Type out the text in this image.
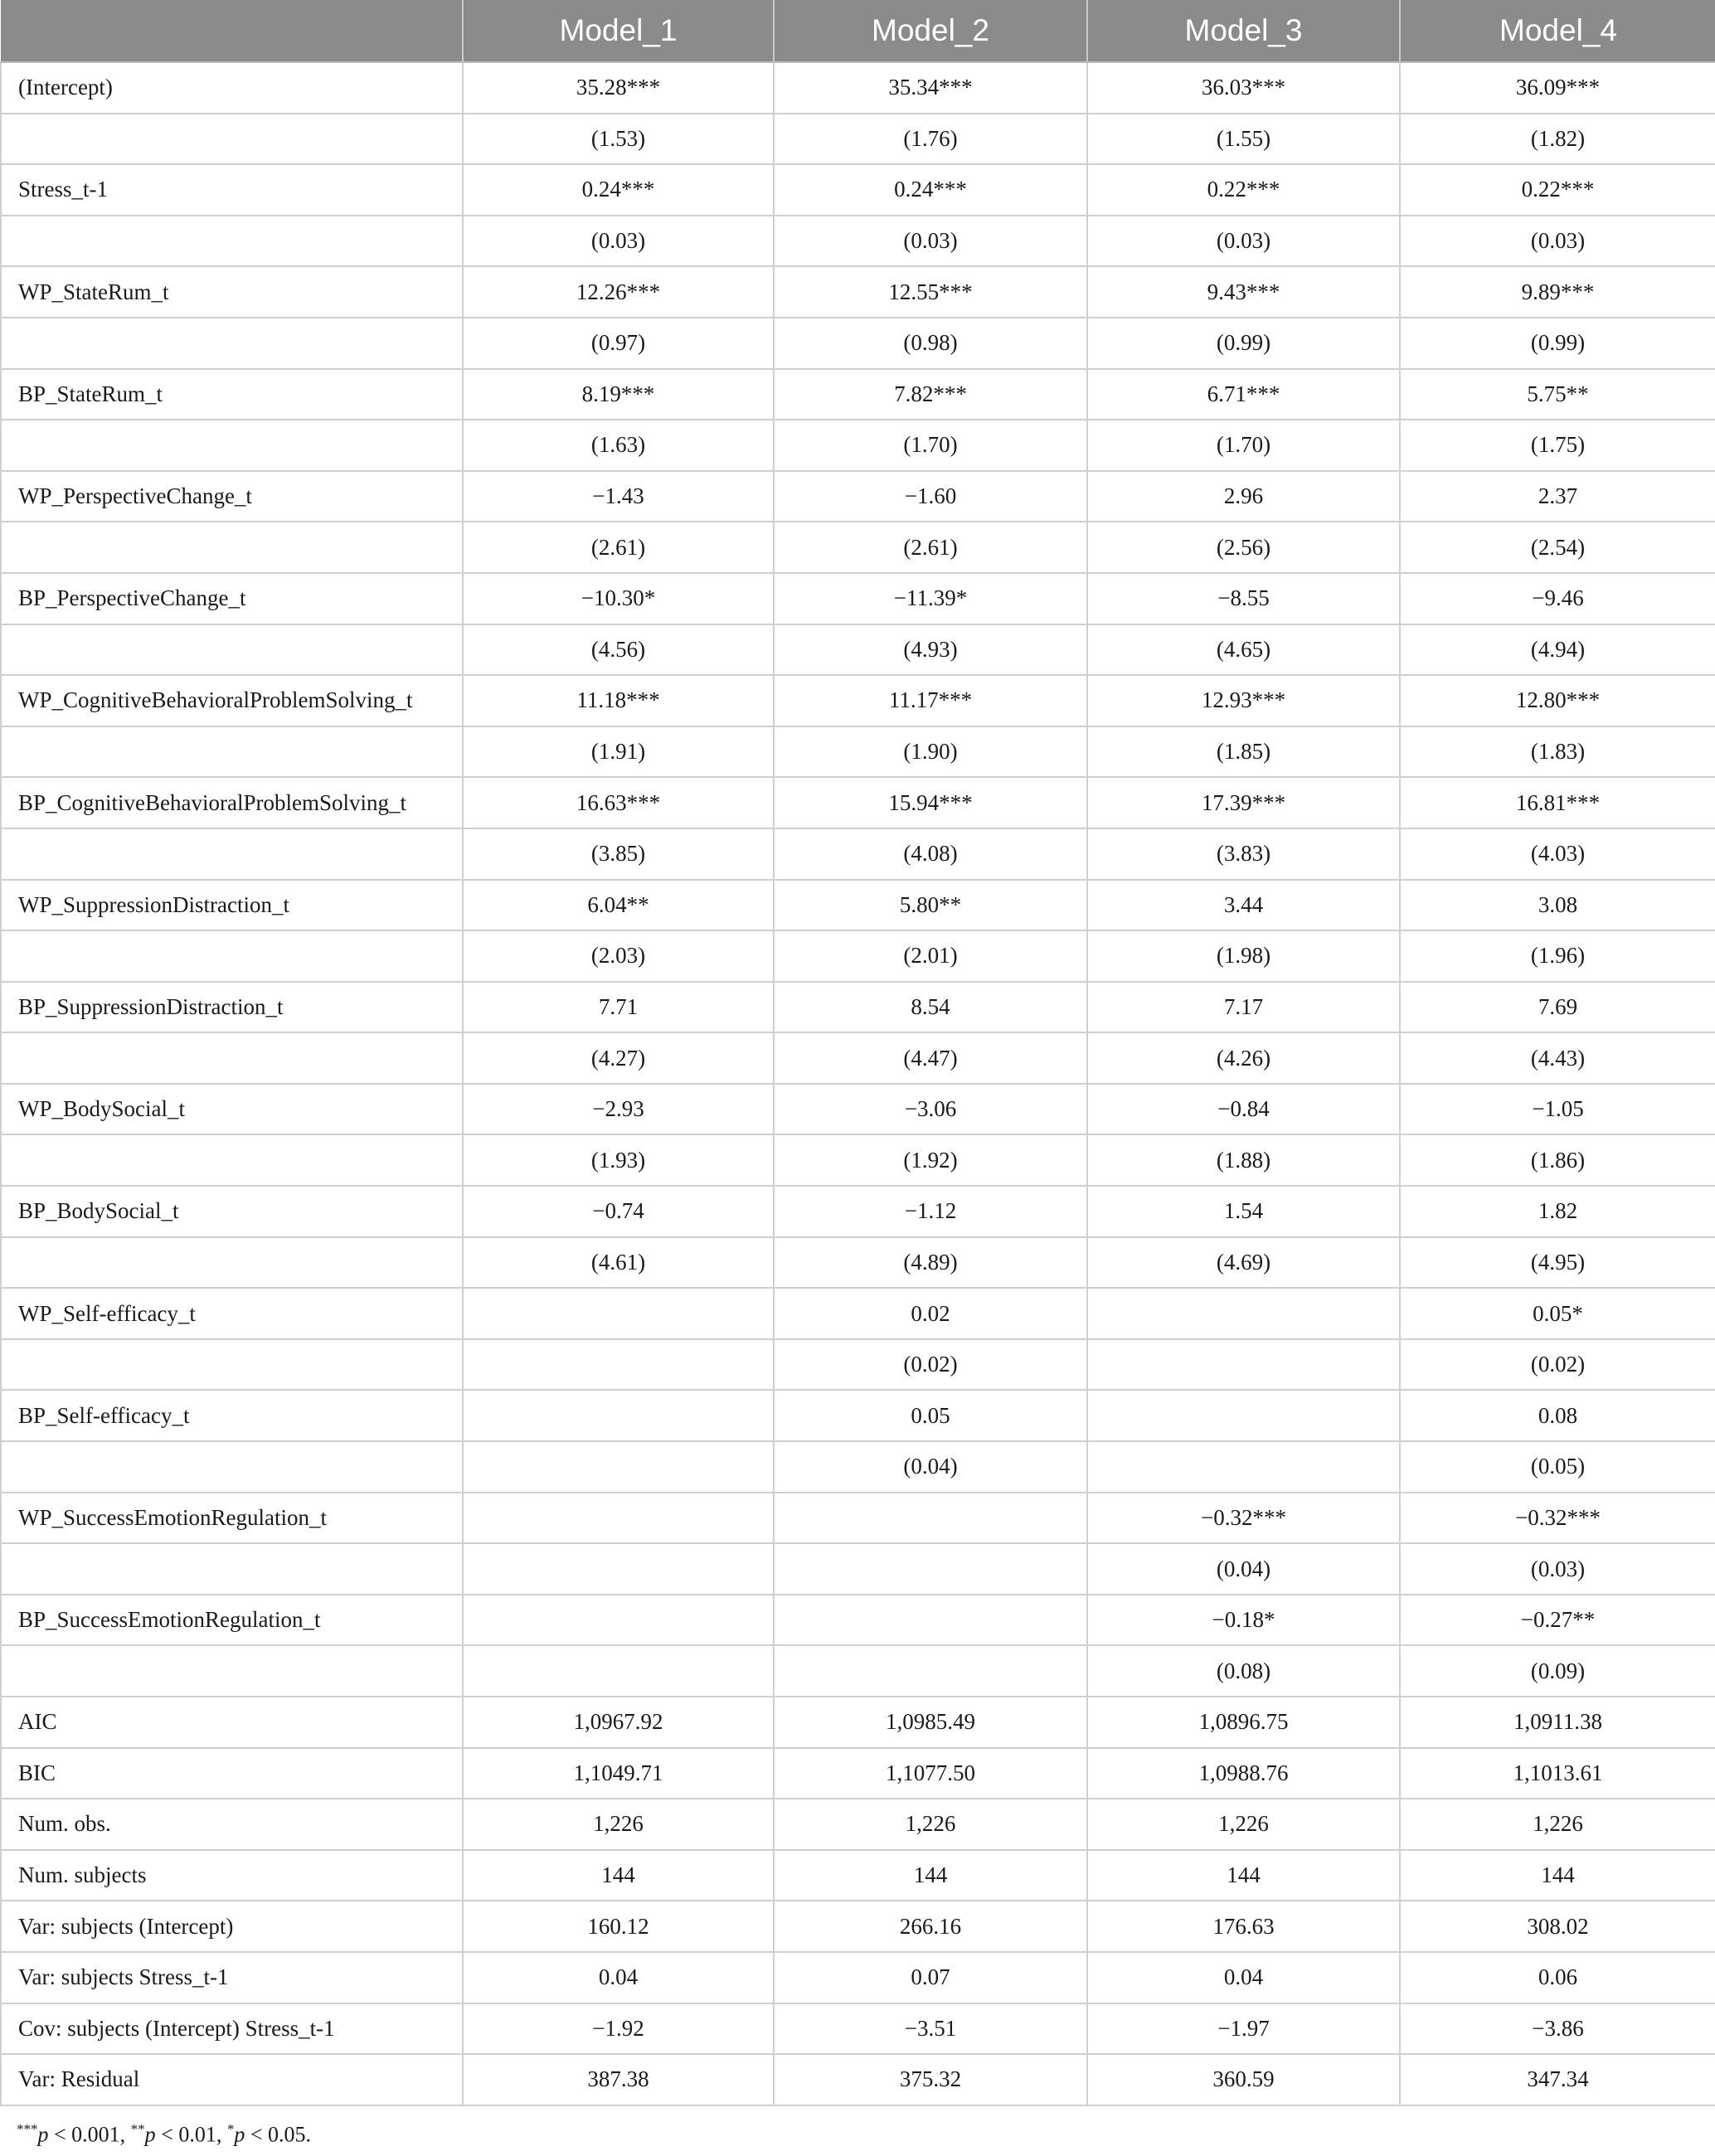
	Model_1	Model_2	Model_3	Model_4
(Intercept)	35.28***	35.34***	36.03***	36.09***
	(1.53)	(1.76)	(1.55)	(1.82)
Stress_t-1	0.24***	0.24***	0.22***	0.22***
	(0.03)	(0.03)	(0.03)	(0.03)
WP_StateRum_t	12.26***	12.55***	9.43***	9.89***
	(0.97)	(0.98)	(0.99)	(0.99)
BP_StateRum_t	8.19***	7.82***	6.71***	5.75**
	(1.63)	(1.70)	(1.70)	(1.75)
WP_PerspectiveChange_t	−1.43	−1.60	2.96	2.37
	(2.61)	(2.61)	(2.56)	(2.54)
BP_PerspectiveChange_t	−10.30*	−11.39*	−8.55	−9.46
	(4.56)	(4.93)	(4.65)	(4.94)
WP_CognitiveBehavioralProblemSolving_t	11.18***	11.17***	12.93***	12.80***
	(1.91)	(1.90)	(1.85)	(1.83)
BP_CognitiveBehavioralProblemSolving_t	16.63***	15.94***	17.39***	16.81***
	(3.85)	(4.08)	(3.83)	(4.03)
WP_SuppressionDistraction_t	6.04**	5.80**	3.44	3.08
	(2.03)	(2.01)	(1.98)	(1.96)
BP_SuppressionDistraction_t	7.71	8.54	7.17	7.69
	(4.27)	(4.47)	(4.26)	(4.43)
WP_BodySocial_t	−2.93	−3.06	−0.84	−1.05
	(1.93)	(1.92)	(1.88)	(1.86)
BP_BodySocial_t	−0.74	−1.12	1.54	1.82
	(4.61)	(4.89)	(4.69)	(4.95)
WP_Self-efficacy_t		0.02		0.05*
		(0.02)		(0.02)
BP_Self-efficacy_t		0.05		0.08
		(0.04)		(0.05)
WP_SuccessEmotionRegulation_t			−0.32***	−0.32***
			(0.04)	(0.03)
BP_SuccessEmotionRegulation_t			−0.18*	−0.27**
			(0.08)	(0.09)
AIC	1,0967.92	1,0985.49	1,0896.75	1,0911.38
BIC	1,1049.71	1,1077.50	1,0988.76	1,1013.61
Num. obs.	1,226	1,226	1,226	1,226
Num. subjects	144	144	144	144
Var: subjects (Intercept)	160.12	266.16	176.63	308.02
Var: subjects Stress_t-1	0.04	0.07	0.04	0.06
Cov: subjects (Intercept) Stress_t-1	−1.92	−3.51	−1.97	−3.86
Var: Residual	387.38	375.32	360.59	347.34
***p < 0.001, **p < 0.01, *p < 0.05.
